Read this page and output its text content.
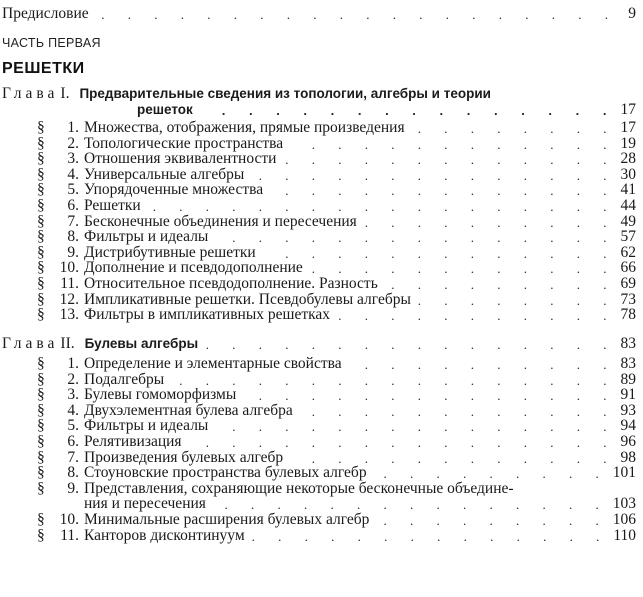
Предисловие . . .	9
ЧАСТЬ ПЕРВАЯ
РЕШЕТКИ
Глава I. Предварительные сведения из топологии, алгебры и теории
решеток . . .	17
§	1. Множества, отображения, прямые произведения . . .	17
§	2. Топологические пространства . . .	19
§	3. Отношения эквивалентности . . .	28
§	4. Универсальные алгебры . . .	30
§	5. Упорядоченные множества . . .	41
§	6. Решетки . . .	44
§	7. Бесконечные объединения и пересечения . . .	49
§	8. Фильтры и идеалы . . .	57
§	9. Дистрибутивные решетки . . .	62
§ 10. Дополнение и псевдодополнение . . .	66
§ 11. Относительное псевдодополнение. Разность . . .	69
§ 12. Импликативные решетки. Псевдобулевы алгебры . . .	73
§ 13. Фильтры в импликативных решетках . . .	78
Глава II. Булевы алгебры . . .	83
§	1. Определение и элементарные свойства . . .	83
§	2. Подалгебры . . .	89
§	3. Булевы гомоморфизмы . . .	91
§	4. Двухэлементная булева алгебра . . .	93
§	5. Фильтры и идеалы . . .	94
§	6. Релятивизация . . .	96
§	7. Произведения булевых алгебр . . .	98
§	8. Стоуновские пространства булевых алгебр . . .	101
§	9. Представления, сохраняющие некоторые бесконечные объедине-
ния и пересечения . . .	103
§ 10. Минимальные расширения булевых алгебр . . .	106
§ 11. Канторов дисконтинуум . . .	110
